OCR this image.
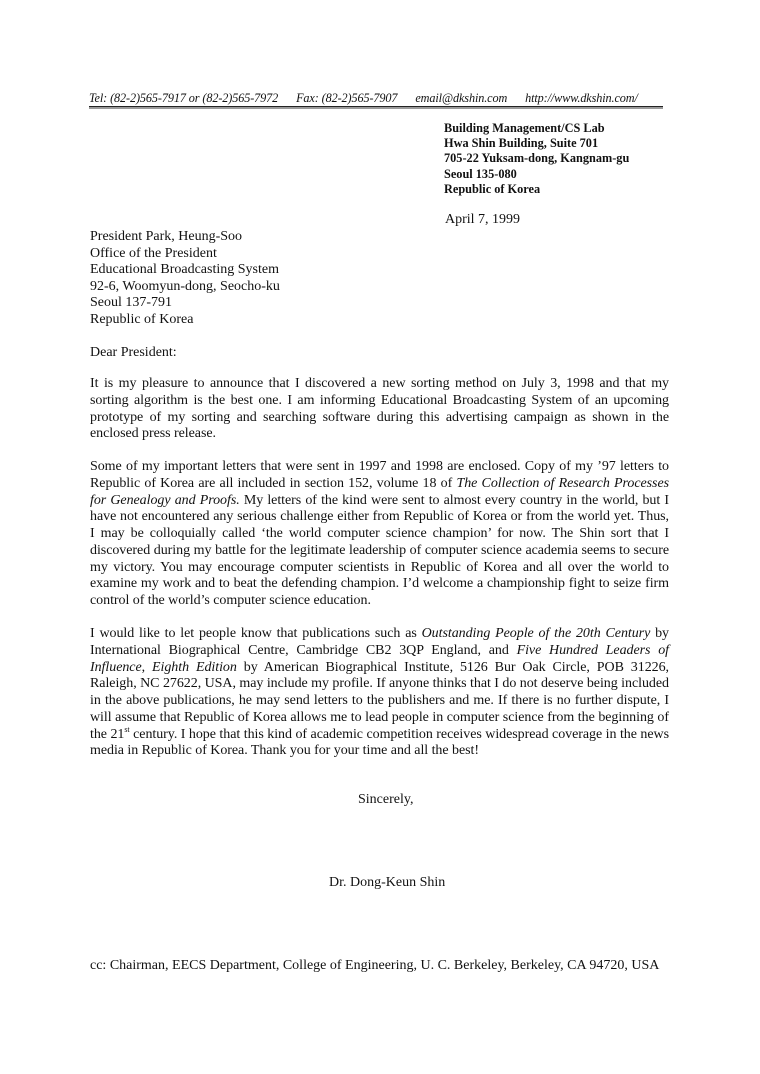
Tel: (82-2)565-7917 or (82-2)565-7972 Fax: (82-2)565-7907 email@dkshin.com http://www.dkshin.com/
Building Management/CS Lab
Hwa Shin Building, Suite 701
705-22 Yuksam-dong, Kangnam-gu
Seoul 135-080
Republic of Korea
April 7, 1999
President Park, Heung-Soo
Office of the President
Educational Broadcasting System
92-6, Woomyun-dong, Seocho-ku
Seoul 137-791
Republic of Korea
Dear President:
It is my pleasure to announce that I discovered a new sorting method on July 3, 1998 and that my sorting algorithm is the best one. I am informing Educational Broadcasting System of an upcoming prototype of my sorting and searching software during this advertising campaign as shown in the enclosed press release.
Some of my important letters that were sent in 1997 and 1998 are enclosed. Copy of my ’97 letters to Republic of Korea are all included in section 152, volume 18 of The Collection of Research Processes for Genealogy and Proofs. My letters of the kind were sent to almost every country in the world, but I have not encountered any serious challenge either from Republic of Korea or from the world yet. Thus, I may be colloquially called ‘the world computer science champion’ for now. The Shin sort that I discovered during my battle for the legitimate leadership of computer science academia seems to secure my victory. You may encourage computer scientists in Republic of Korea and all over the world to examine my work and to beat the defending champion. I’d welcome a championship fight to seize firm control of the world’s computer science education.
I would like to let people know that publications such as Outstanding People of the 20th Century by International Biographical Centre, Cambridge CB2 3QP England, and Five Hundred Leaders of Influence, Eighth Edition by American Biographical Institute, 5126 Bur Oak Circle, POB 31226, Raleigh, NC 27622, USA, may include my profile. If anyone thinks that I do not deserve being included in the above publications, he may send letters to the publishers and me. If there is no further dispute, I will assume that Republic of Korea allows me to lead people in computer science from the beginning of the 21st century. I hope that this kind of academic competition receives widespread coverage in the news media in Republic of Korea. Thank you for your time and all the best!
Sincerely,
Dr. Dong-Keun Shin
cc: Chairman, EECS Department, College of Engineering, U. C. Berkeley, Berkeley, CA 94720, USA
